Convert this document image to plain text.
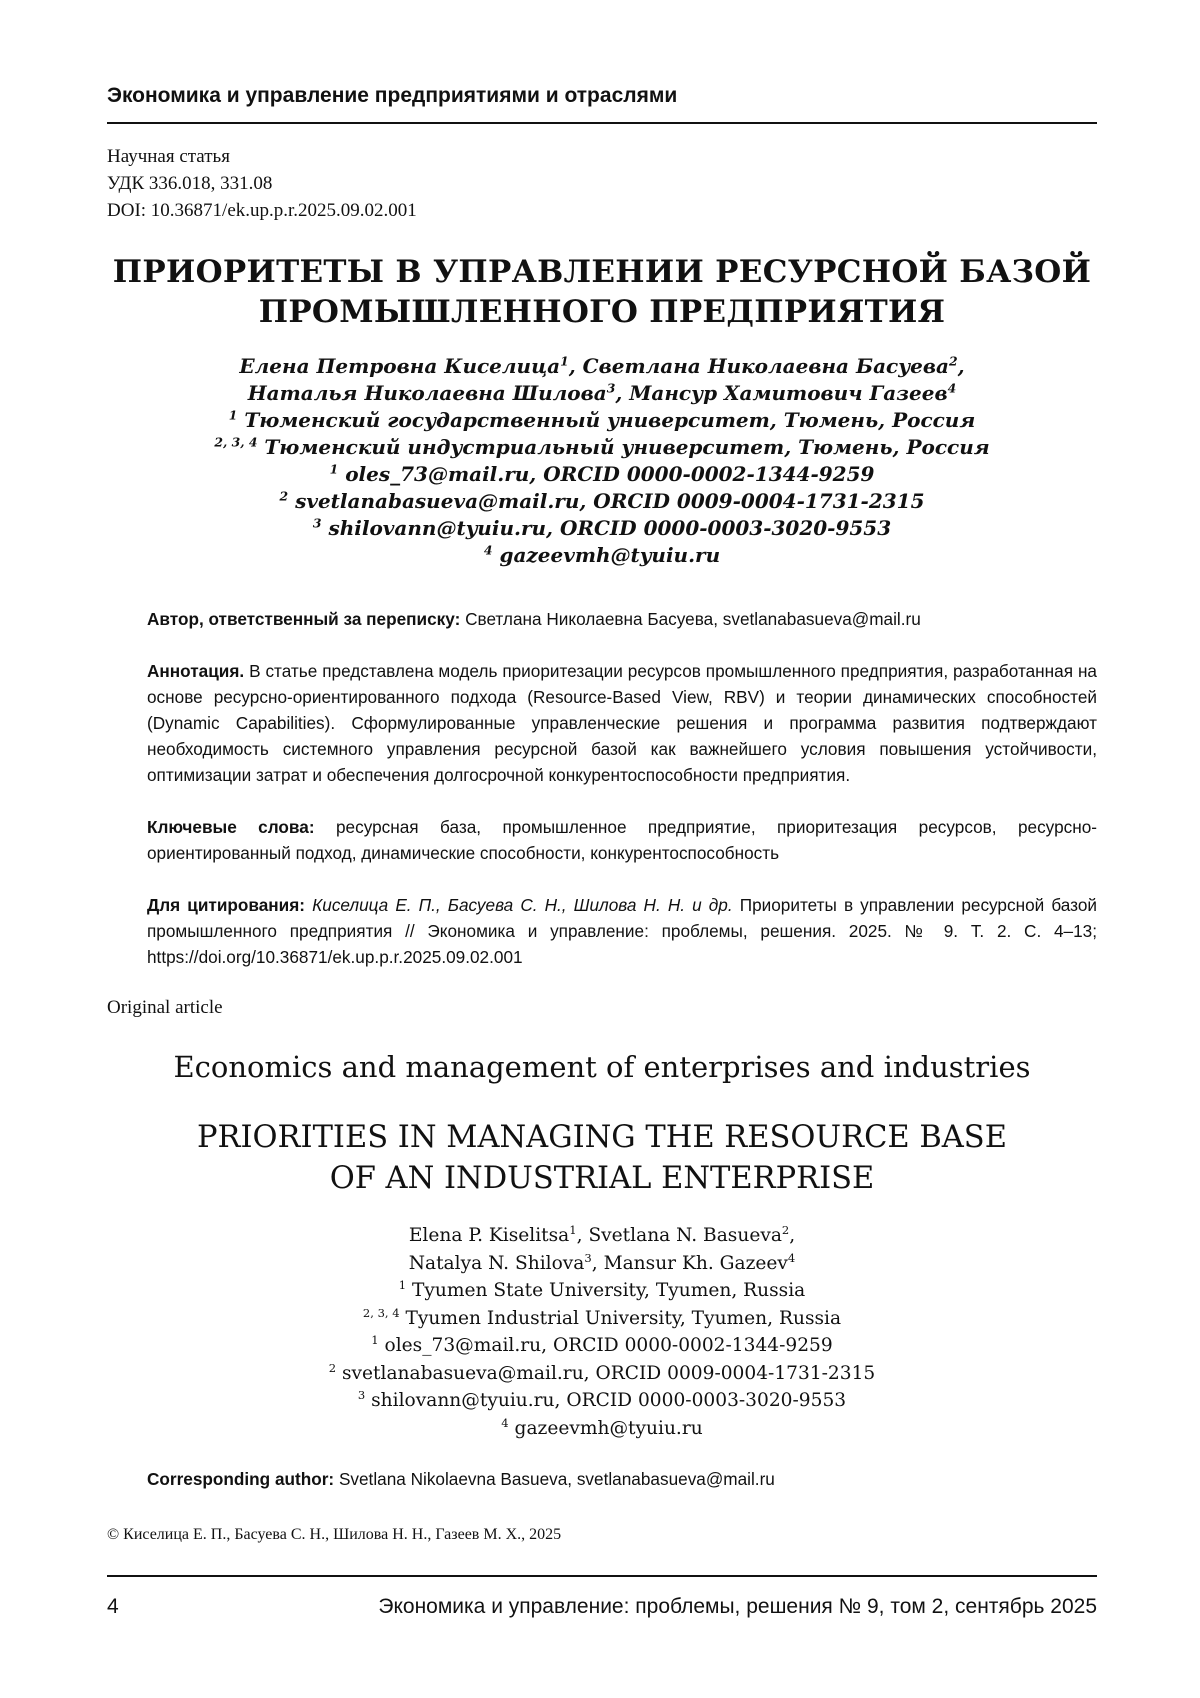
Экономика и управление предприятиями и отраслями
Научная статья
УДК 336.018, 331.08
DOI: 10.36871/ek.up.p.r.2025.09.02.001
ПРИОРИТЕТЫ В УПРАВЛЕНИИ РЕСУРСНОЙ БАЗОЙ
ПРОМЫШЛЕННОГО ПРЕДПРИЯТИЯ
Елена Петровна Киселица1, Светлана Николаевна Басуева2,
Наталья Николаевна Шилова3, Мансур Хамитович Газеев4
1 Тюменский государственный университет, Тюмень, Россия
2, 3, 4 Тюменский индустриальный университет, Тюмень, Россия
1 oles_73@mail.ru, ORCID 0000-0002-1344-9259
2 svetlanabasueva@mail.ru, ORCID 0009-0004-1731-2315
3 shilovann@tyuiu.ru, ORCID 0000-0003-3020-9553
4 gazeevmh@tyuiu.ru
Автор, ответственный за переписку: Светлана Николаевна Басуева, svetlanabasueva@mail.ru
Аннотация. В статье представлена модель приоритезации ресурсов промышленного предприятия, разработанная на основе ресурсно-ориентированного подхода (Resource-Based View, RBV) и теории динамических способностей (Dynamic Capabilities). Сформулированные управленческие решения и программа развития подтверждают необходимость системного управления ресурсной базой как важнейшего условия повышения устойчивости, оптимизации затрат и обеспечения долгосрочной конкурентоспособности предприятия.
Ключевые слова: ресурсная база, промышленное предприятие, приоритезация ресурсов, ресурсно-ориентированный подход, динамические способности, конкурентоспособность
Для цитирования: Киселица Е. П., Басуева С. Н., Шилова Н. Н. и др. Приоритеты в управлении ресурсной базой промышленного предприятия // Экономика и управление: проблемы, решения. 2025. № 9. Т. 2. С. 4–13; https://doi.org/10.36871/ek.up.p.r.2025.09.02.001
Original article
Economics and management of enterprises and industries
PRIORITIES IN MANAGING THE RESOURCE BASE
OF AN INDUSTRIAL ENTERPRISE
Elena P. Kiselitsa1, Svetlana N. Basueva2,
Natalya N. Shilova3, Mansur Kh. Gazeev4
1 Tyumen State University, Tyumen, Russia
2, 3, 4 Tyumen Industrial University, Tyumen, Russia
1 oles_73@mail.ru, ORCID 0000-0002-1344-9259
2 svetlanabasueva@mail.ru, ORCID 0009-0004-1731-2315
3 shilovann@tyuiu.ru, ORCID 0000-0003-3020-9553
4 gazeevmh@tyuiu.ru
Corresponding author: Svetlana Nikolaevna Basueva, svetlanabasueva@mail.ru
© Киселица Е. П., Басуева С. Н., Шилова Н. Н., Газеев М. Х., 2025
4	Экономика и управление: проблемы, решения № 9, том 2, сентябрь 2025
